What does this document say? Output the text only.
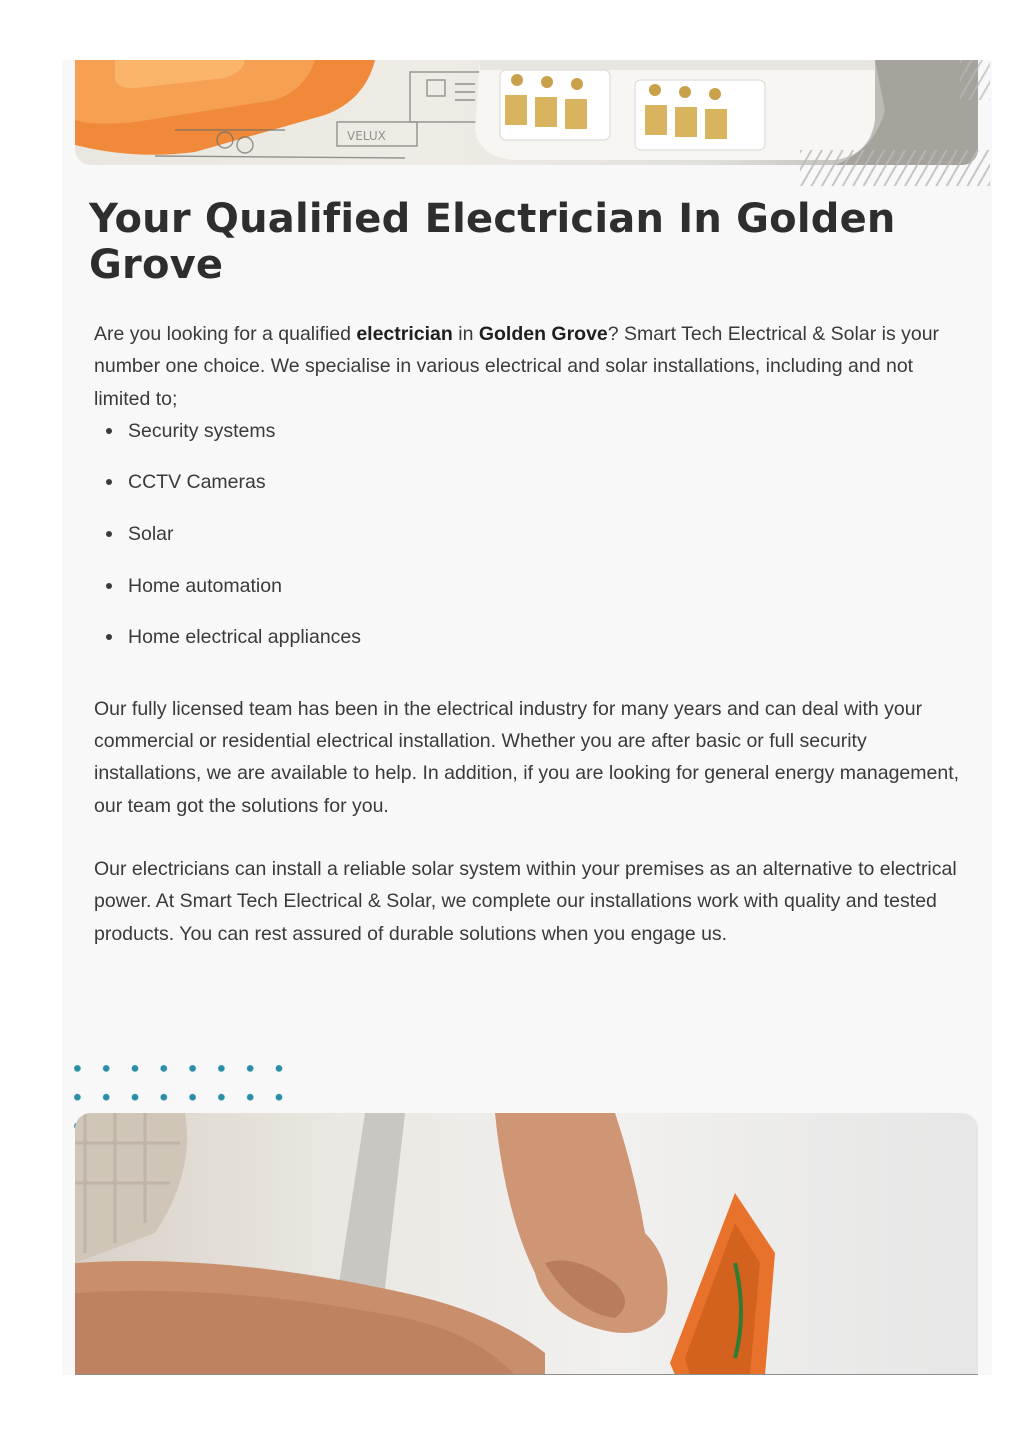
VELUX
Your Qualified Electrician In Golden Grove

Are you looking for a qualified electrician in Golden Grove? Smart Tech Electrical & Solar is your number one choice. We specialise in various electrical and solar installations, including and not limited to;

Security systems
CCTV Cameras
Solar
Home automation
Home electrical appliances

Our fully licensed team has been in the electrical industry for many years and can deal with your commercial or residential electrical installation. Whether you are after basic or full security installations, we are available to help. In addition, if you are looking for general energy management, our team got the solutions for you.

Our electricians can install a reliable solar system within your premises as an alternative to electrical power. At Smart Tech Electrical & Solar, we complete our installations work with quality and tested products. You can rest assured of durable solutions when you engage us.
